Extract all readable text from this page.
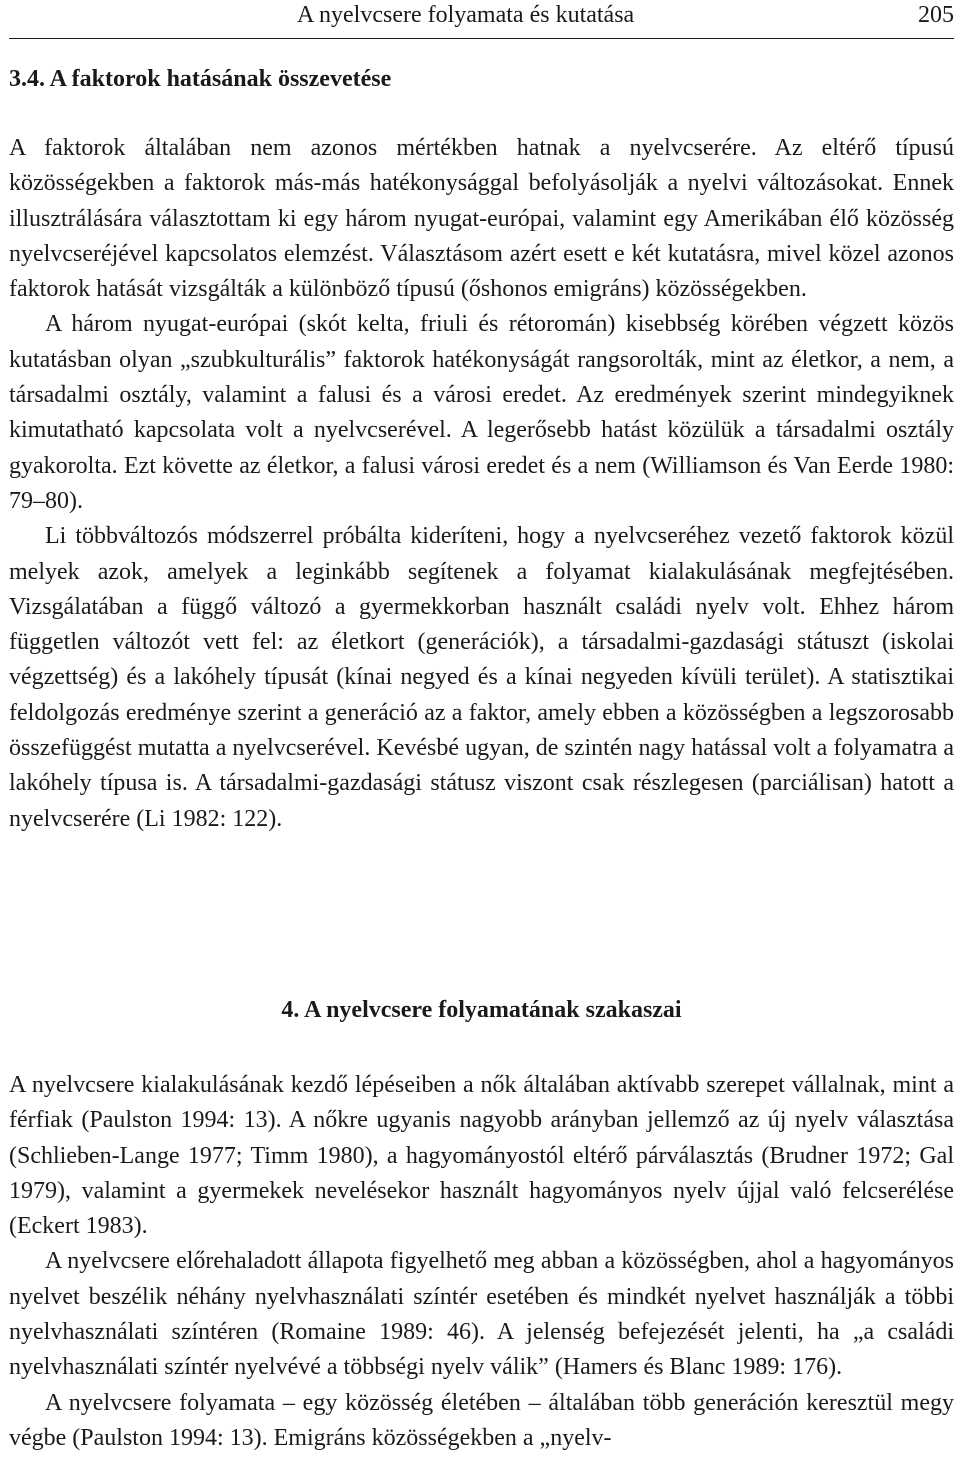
A nyelvcsere folyamata és kutatása	205
3.4. A faktorok hatásának összevetése

A faktorok általában nem azonos mértékben hatnak a nyelvcserére. Az eltérő típusú közösségekben a faktorok más-más hatékonysággal befolyásolják a nyelvi változásokat. Ennek illusztrálására választottam ki egy három nyugat-európai, valamint egy Amerikában élő közösség nyelvcseréjével kapcsolatos elemzést. Választásom azért esett e két kutatásra, mivel közel azonos faktorok hatását vizsgálták a különböző típusú (őshonos emigráns) közösségekben.

A három nyugat-európai (skót kelta, friuli és rétoromán) kisebbség körében végzett közös kutatásban olyan „szubkulturális” faktorok hatékonyságát rangsorolták, mint az életkor, a nem, a társadalmi osztály, valamint a falusi és a városi eredet. Az eredmények szerint mindegyiknek kimutatható kapcsolata volt a nyelvcserével. A legerősebb hatást közülük a társadalmi osztály gyakorolta. Ezt követte az életkor, a falusi városi eredet és a nem (Williamson és Van Eerde 1980: 79–80).

Li többváltozós módszerrel próbálta kideríteni, hogy a nyelvcseréhez vezető faktorok közül melyek azok, amelyek a leginkább segítenek a folyamat kialakulásának megfejtésében. Vizsgálatában a függő változó a gyermekkorban használt családi nyelv volt. Ehhez három független változót vett fel: az életkort (generációk), a társadalmi-gazdasági státuszt (iskolai végzettség) és a lakóhely típusát (kínai negyed és a kínai negyeden kívüli terület). A statisztikai feldolgozás eredménye szerint a generáció az a faktor, amely ebben a közösségben a legszorosabb összefüggést mutatta a nyelvcserével. Kevésbé ugyan, de szintén nagy hatással volt a folyamatra a lakóhely típusa is. A társadalmi-gazdasági státusz viszont csak részlegesen (parciálisan) hatott a nyelvcserére (Li 1982: 122).

4. A nyelvcsere folyamatának szakaszai

A nyelvcsere kialakulásának kezdő lépéseiben a nők általában aktívabb szerepet vállalnak, mint a férfiak (Paulston 1994: 13). A nőkre ugyanis nagyobb arányban jellemző az új nyelv választása (Schlieben-Lange 1977; Timm 1980), a hagyományostól eltérő párválasztás (Brudner 1972; Gal 1979), valamint a gyermekek nevelésekor használt hagyományos nyelv újjal való felcserélése (Eckert 1983).

A nyelvcsere előrehaladott állapota figyelhető meg abban a közösségben, ahol a hagyományos nyelvet beszélik néhány nyelvhasználati színtér esetében és mindkét nyelvet használják a többi nyelvhasználati színtéren (Romaine 1989: 46). A jelenség befejezését jelenti, ha „a családi nyelvhasználati színtér nyelvévé a többségi nyelv válik” (Hamers és Blanc 1989: 176).

A nyelvcsere folyamata – egy közösség életében – általában több generáción keresztül megy végbe (Paulston 1994: 13). Emigráns közösségekben a „nyelv-
